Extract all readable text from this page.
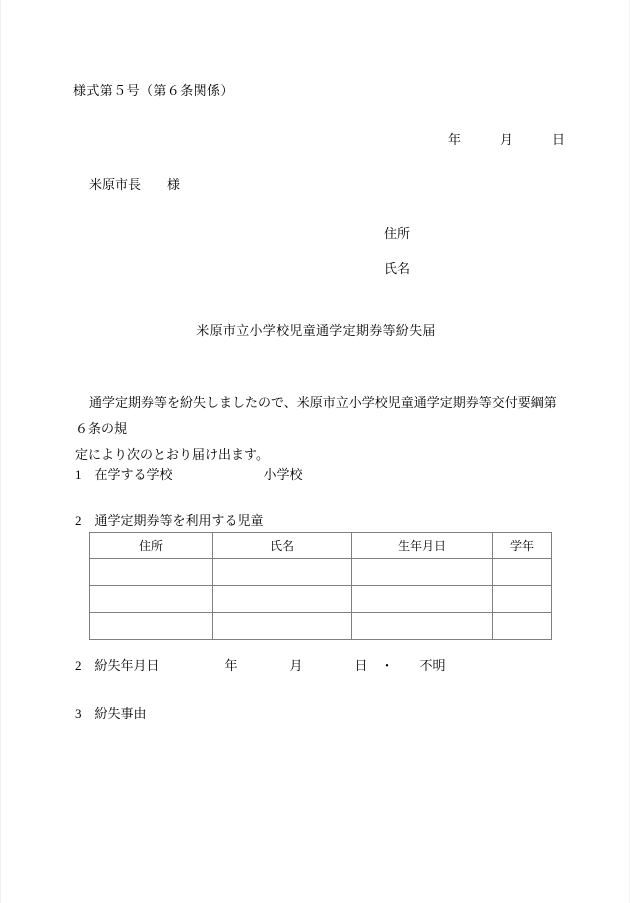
様式第５号（第６条関係）
年　　　月　　　日
米原市長　　様
住所
氏名
米原市立小学校児童通学定期券等紛失届
通学定期券等を紛失しましたので、米原市立小学校児童通学定期券等交付要綱第６条の規
定により次のとおり届け出ます。
1　在学する学校　　　　　　　小学校
2　通学定期券等を利用する児童
住所	氏名	生年月日	学年

2　紛失年月日　　　　　年　　　　月　　　　日　・　　不明
3　紛失事由
